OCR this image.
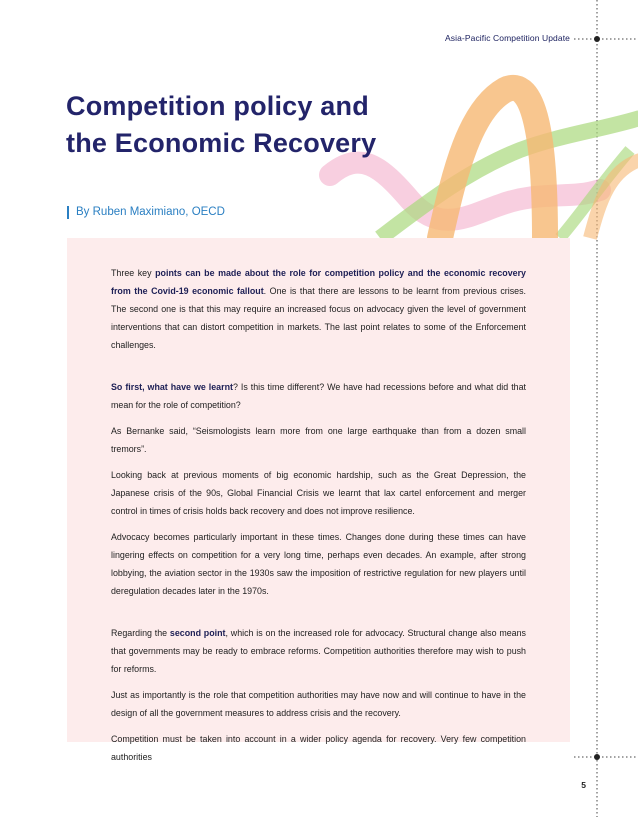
Asia-Pacific Competition Update
Competition policy and
the Economic Recovery
By Ruben Maximiano, OECD

Three key points can be made about the role for competition policy and the economic recovery from the Covid-19 economic fallout. One is that there are lessons to be learnt from previous crises. The second one is that this may require an increased focus on advocacy given the level of government interventions that can distort competition in markets. The last point relates to some of the Enforcement challenges.

So first, what have we learnt? Is this time different? We have had recessions before and what did that mean for the role of competition?

As Bernanke said, “Seismologists learn more from one large earthquake than from a dozen small tremors”.

Looking back at previous moments of big economic hardship, such as the Great Depression, the Japanese crisis of the 90s, Global Financial Crisis we learnt that lax cartel enforcement and merger control in times of crisis holds back recovery and does not improve resilience.

Advocacy becomes particularly important in these times. Changes done during these times can have lingering effects on competition for a very long time, perhaps even decades. An example, after strong lobbying, the aviation sector in the 1930s saw the imposition of restrictive regulation for new players until deregulation decades later in the 1970s.

Regarding the second point, which is on the increased role for advocacy. Structural change also means that governments may be ready to embrace reforms. Competition authorities therefore may wish to push for reforms.

Just as importantly is the role that competition authorities may have now and will continue to have in the design of all the government measures to address crisis and the recovery.

Competition must be taken into account in a wider policy agenda for recovery. Very few competition authorities

5
